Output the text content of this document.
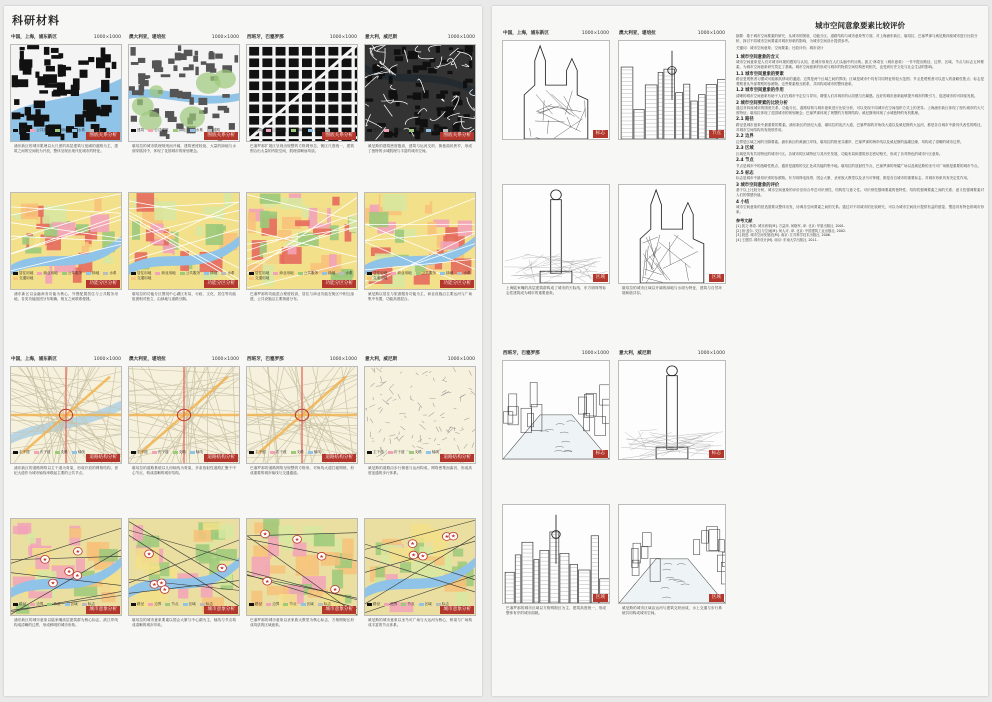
科研材料
中国，上海，浦东新区	1000×1000
建筑	公共建筑	绿地	水系	道路
图底关系分析
浦东新区的城市肌理以大尺度的高层建筑与宽阔的道路为主，建筑之间的空间较为开放，整体呈现出现代化城市的特征。
澳大利亚，堪培拉	1000×1000
建筑	公共建筑	绿地	水系	道路
图底关系分析
堪培拉的城市肌理规则而开阔，建筑密度较低，大量的绿地与水面穿插其中，体现了花园城市的规划理念。
西班牙，巴塞罗那	1000×1000
建筑	公共建筑	绿地	水系	道路
图底关系分析
巴塞罗那扩展区呈现出规整的方格网形态，街区尺度统一，建筑围合出大量的内院空间，肌理清晰而均质。
意大利，威尼斯	1000×1000
建筑	公共建筑	绿地	水系	道路
图底关系分析
威尼斯的建筑密度极高，建筑与运河交织，街巷曲折狭窄，形成了独特的水城肌理与丰富的城市空间。
居住用地	商业用地	公共服务	绿地	水系
交通用地
功能分区分析
浦东新区以金融商务功能为核心，外围配置居住与公共服务用地，各类功能组团分布明确，相互之间联系便捷。
居住用地	商业用地	公共服务	绿地	水系
交通用地
功能分区分析
堪培拉的功能分区围绕中心湖区布局，行政、文化、居住等功能组团相对独立，由绿地与道路分隔。
居住用地	商业用地	公共服务	绿地	水系
交通用地
功能分区分析
巴塞罗那的功能混合程度较高，居住与商业功能在街区中相互渗透，公共设施沿主要街道分布。
居住用地	商业用地	公共服务	绿地	水系
交通用地
功能分区分析
威尼斯以居住与旅游服务功能为主，商业设施沿主要运河与广场集中布置，功能高度混合。
中国，上海，浦东新区	1000×1000
主干道	次干道	支路	轴线
道路结构分析
浦东新区的道路网络以主干道为骨架，形成开放的网格结构，世纪大道作为城市轴线串联起主要的公共节点。
澳大利亚，堪培拉	1000×1000
主干道	次干道	支路	轴线
道路结构分析
堪培拉的道路系统以几何轴线为骨架，多条放射性道路汇聚于中心节点，构成清晰的城市结构。
西班牙，巴塞罗那	1000×1000
主干道	次干道	支路	轴线
道路结构分析
巴塞罗那的道路网络呈规整的方格形，对角线大道打破网格，形成重要的城市轴线与交通通道。
意大利，威尼斯	1000×1000
主干道	次干道	支路	轴线
道路结构分析
威尼斯的道路由步行街巷与运河构成，网络密集而曲折，形成高度连通的步行体系。
★
★
★
★
★
路径	边界	节点	区域	标志
城市意象分析
浦东新区的城市意象以陆家嘴高层建筑群为核心标志，滨江岸线构成清晰的边界，形成鲜明的城市形象。
★ ★
★
★
★
路径	边界	节点	区域	标志
城市意象分析
堪培拉的城市意象要素以国会大厦与中心湖为主，轴线与节点构成清晰的城市印象。
★
★
★
★
★
路径	边界	节点	区域	标志
城市意象分析
巴塞罗那的城市意象以圣家族大教堂为核心标志，方格网街区形成均质的区域意象。
★
★
★
★ ★
路径	边界	节点	区域	标志
城市意象分析
威尼斯的城市意象以圣马可广场与大运河为核心，桥梁与广场构成丰富的节点体系。
中国，上海，浦东新区	1000×1000
标志
澳大利亚，堪培拉	1000×1000
节点
区域
上海陆家嘴的高层建筑群构成了城市的天际线，东方明珠等标志性建筑成为城市的重要意象。
区域
堪培拉的城市区域以开阔的绿地与水面为特征，建筑与自然环境和谐共存。
西班牙，巴塞罗那	1000×1000
标志
意大利，威尼斯	1000×1000
标志
区域
巴塞罗那的城市区域以方格网街区为主，建筑高度统一，形成整体有序的城市面貌。
区域
威尼斯的城市区域由运河与建筑交织而成，水上交通与步行系统共同构成城市空间。
城市空间意象要素比较评价
摘要：基于城市空间要素的研究，从城市的图底、功能分区、道路结构与城市意象等方面，对上海浦东新区、堪培拉、巴塞罗那与威尼斯四座城市进行比较分析，探讨不同城市空间要素对城市形象的影响，为城市空间设计提供参考。
关键词：城市空间意象；空间要素；比较评价；城市设计
1 城市空间意象的含义
城市空间意象是人们对城市环境的感知与认知，是城市形象在人们头脑中的反映。凯文·林奇在《城市意象》一书中提出路径、边界、区域、节点与标志五种要素，为城市空间意象研究奠定了基础。城市空间意象的形成与城市的物质空间结构密切相关，也受到历史文化与社会生活的影响。
1.1 城市空间意象的要素
路径是观察者习惯或可能顺其移动的通道；边界是两个区域之间的界线；区域是城市中具有共同特征的较大范围；节点是观察者可以进入的战略性焦点；标志是观察者从外部观察的参照物。这些要素相互联系，共同构成城市的整体意象。
1.2 城市空间意象的作用
清晰的城市空间意象有助于人们在城市中定位与导向，增强人们对城市的认同感与归属感。良好的城市意象能够提升城市的吸引力，促进城市的可持续发展。
2 城市空间要素的比较分析
通过对四座城市的图底关系、功能分区、道路结构与城市意象进行比较分析，可以发现不同城市在空间组织方式上的差异。上海浦东新区体现了现代城市的大尺度特征；堪培拉体现了花园城市的规划理念；巴塞罗那体现了规整的方格网结构；威尼斯则体现了水城独特的有机肌理。
2.1 路径
路径是城市意象中最重要的要素。浦东新区的世纪大道、堪培拉的宪法大道、巴塞罗那的对角线大道以及威尼斯的大运河，都是各自城市中最具代表性的路径，对城市空间结构具有统领作用。
2.2 边界
边界是区域之间的分隔要素。浦东新区的黄浦江岸线、堪培拉的格里芬湖岸、巴塞罗那的海岸线以及威尼斯的潟湖边缘，均构成了清晰的城市边界。
2.3 区域
区域是具有共同特征的城市片区。各城市的区域特征与其历史发展、功能布局和建筑形态密切相关，形成了各具特色的城市片区意象。
2.4 节点
节点是城市中的战略性焦点，通常是道路的交汇处或功能的集中地。堪培拉的放射性节点、巴塞罗那的荣耀广场以及威尼斯的圣马可广场都是重要的城市节点。
2.5 标志
标志是城市中最易识别的参照物。东方明珠电视塔、国会大厦、圣家族大教堂以及圣马可钟楼，都是各自城市的重要标志，对城市形象具有决定性作用。
3 城市空间意象的评价
基于以上比较分析，城市空间意象的评价应综合考虑可识别性、结构性与意义性。可识别性强调要素的独特性；结构性强调要素之间的关系；意义性强调要素对人们的情感价值。
4 小结
城市空间意象的营造需要从整体出发，协调各空间要素之间的关系。通过对不同城市的比较研究，可以为城市空间设计提供有益的借鉴，塑造具有特色的城市形象。
参考文献
[1] 凯文·林奇. 城市意象[M]. 方益萍, 何晓军, 译. 北京: 华夏出版社, 2001.
[2] 扬·盖尔. 交往与空间[M]. 何人可, 译. 北京: 中国建筑工业出版社, 2002.
[3] 段进. 城市空间发展论[M]. 南京: 江苏科学技术出版社, 2006.
[4] 王建国. 城市设计[M]. 南京: 东南大学出版社, 2011.
